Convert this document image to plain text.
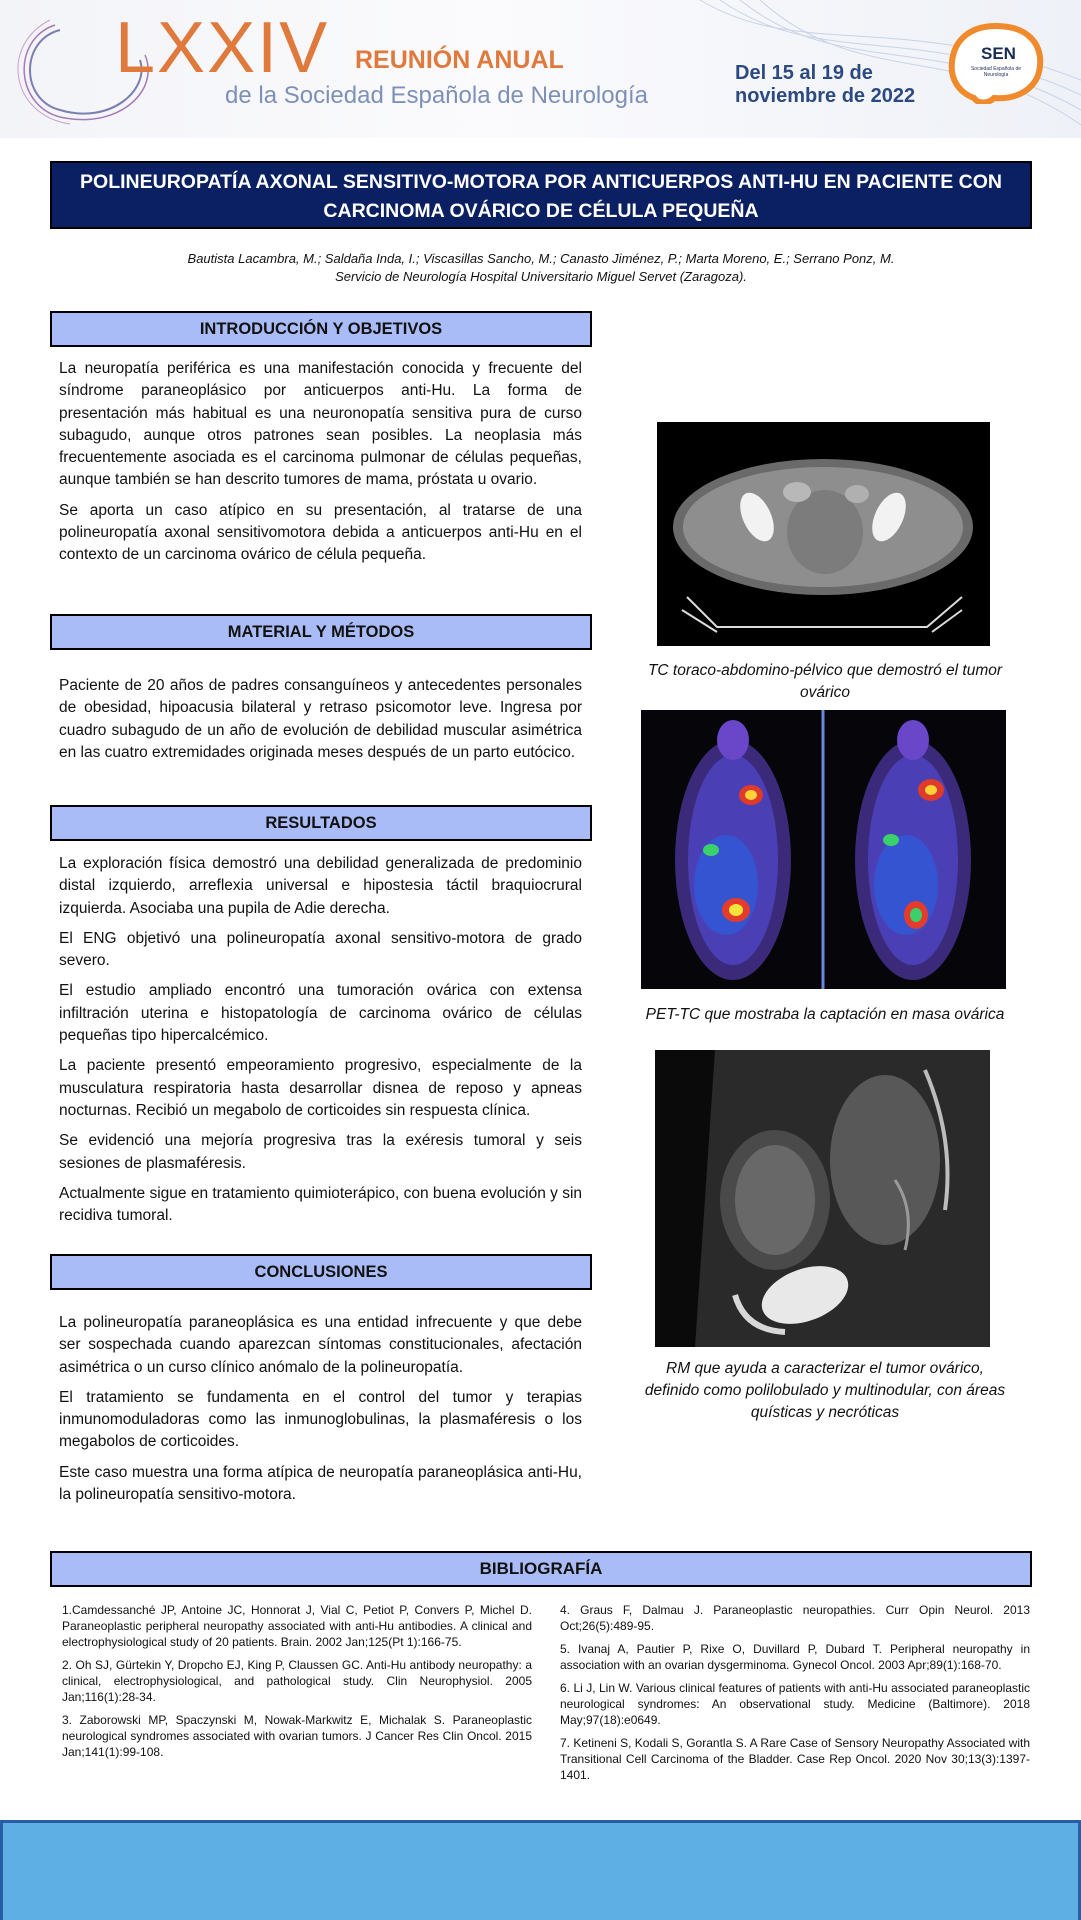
LXXIV REUNIÓN ANUAL
de la Sociedad Española de Neurología
Del 15 al 19 de
noviembre de 2022
SEN
Sociedad Española de Neurología
POLINEUROPATÍA AXONAL SENSITIVO-MOTORA POR ANTICUERPOS ANTI-HU EN PACIENTE CON CARCINOMA OVÁRICO DE CÉLULA PEQUEÑA
Bautista Lacambra, M.; Saldaña Inda, I.; Viscasillas Sancho, M.; Canasto Jiménez, P.; Marta Moreno, E.; Serrano Ponz, M.
Servicio de Neurología Hospital Universitario Miguel Servet (Zaragoza).
INTRODUCCIÓN Y OBJETIVOS

La neuropatía periférica es una manifestación conocida y frecuente del síndrome paraneoplásico por anticuerpos anti-Hu. La forma de presentación más habitual es una neuronopatía sensitiva pura de curso subagudo, aunque otros patrones sean posibles. La neoplasia más frecuentemente asociada es el carcinoma pulmonar de células pequeñas, aunque también se han descrito tumores de mama, próstata u ovario.

Se aporta un caso atípico en su presentación, al tratarse de una polineuropatía axonal sensitivomotora debida a anticuerpos anti-Hu en el contexto de un carcinoma ovárico de célula pequeña.

MATERIAL Y MÉTODOS

Paciente de 20 años de padres consanguíneos y antecedentes personales de obesidad, hipoacusia bilateral y retraso psicomotor leve. Ingresa por cuadro subagudo de un año de evolución de debilidad muscular asimétrica en las cuatro extremidades originada meses después de un parto eutócico.

RESULTADOS

La exploración física demostró una debilidad generalizada de predominio distal izquierdo, arreflexia universal e hipostesia táctil braquiocrural izquierda. Asociaba una pupila de Adie derecha.

El ENG objetivó una polineuropatía axonal sensitivo-motora de grado severo.

El estudio ampliado encontró una tumoración ovárica con extensa infiltración uterina e histopatología de carcinoma ovárico de células pequeñas tipo hipercalcémico.

La paciente presentó empeoramiento progresivo, especialmente de la musculatura respiratoria hasta desarrollar disnea de reposo y apneas nocturnas. Recibió un megabolo de corticoides sin respuesta clínica.

Se evidenció una mejoría progresiva tras la exéresis tumoral y seis sesiones de plasmaféresis.

Actualmente sigue en tratamiento quimioterápico, con buena evolución y sin recidiva tumoral.

CONCLUSIONES

La polineuropatía paraneoplásica es una entidad infrecuente y que debe ser sospechada cuando aparezcan síntomas constitucionales, afectación asimétrica o un curso clínico anómalo de la polineuropatía.

El tratamiento se fundamenta en el control del tumor y terapias inmunomoduladoras como las inmunoglobulinas, la plasmaféresis o los megabolos de corticoides.

Este caso muestra una forma atípica de neuropatía paraneoplásica anti-Hu, la polineuropatía sensitivo-motora.

TC toraco-abdomino-pélvico que demostró el tumor ovárico
PET-TC que mostraba la captación en masa ovárica
RM que ayuda a caracterizar el tumor ovárico, definido como polilobulado y multinodular, con áreas quísticas y necróticas
BIBLIOGRAFÍA

1.Camdessanché JP, Antoine JC, Honnorat J, Vial C, Petiot P, Convers P, Michel D. Paraneoplastic peripheral neuropathy associated with anti-Hu antibodies. A clinical and electrophysiological study of 20 patients. Brain. 2002 Jan;125(Pt 1):166-75.

2. Oh SJ, Gürtekin Y, Dropcho EJ, King P, Claussen GC. Anti-Hu antibody neuropathy: a clinical, electrophysiological, and pathological study. Clin Neurophysiol. 2005 Jan;116(1):28-34.

3. Zaborowski MP, Spaczynski M, Nowak-Markwitz E, Michalak S. Paraneoplastic neurological syndromes associated with ovarian tumors. J Cancer Res Clin Oncol. 2015 Jan;141(1):99-108.

4. Graus F, Dalmau J. Paraneoplastic neuropathies. Curr Opin Neurol. 2013 Oct;26(5):489-95.

5. Ivanaj A, Pautier P, Rixe O, Duvillard P, Dubard T. Peripheral neuropathy in association with an ovarian dysgerminoma. Gynecol Oncol. 2003 Apr;89(1):168-70.

6. Li J, Lin W. Various clinical features of patients with anti-Hu associated paraneoplastic neurological syndromes: An observational study. Medicine (Baltimore). 2018 May;97(18):e0649.

7. Ketineni S, Kodali S, Gorantla S. A Rare Case of Sensory Neuropathy Associated with Transitional Cell Carcinoma of the Bladder. Case Rep Oncol. 2020 Nov 30;13(3):1397-1401.
